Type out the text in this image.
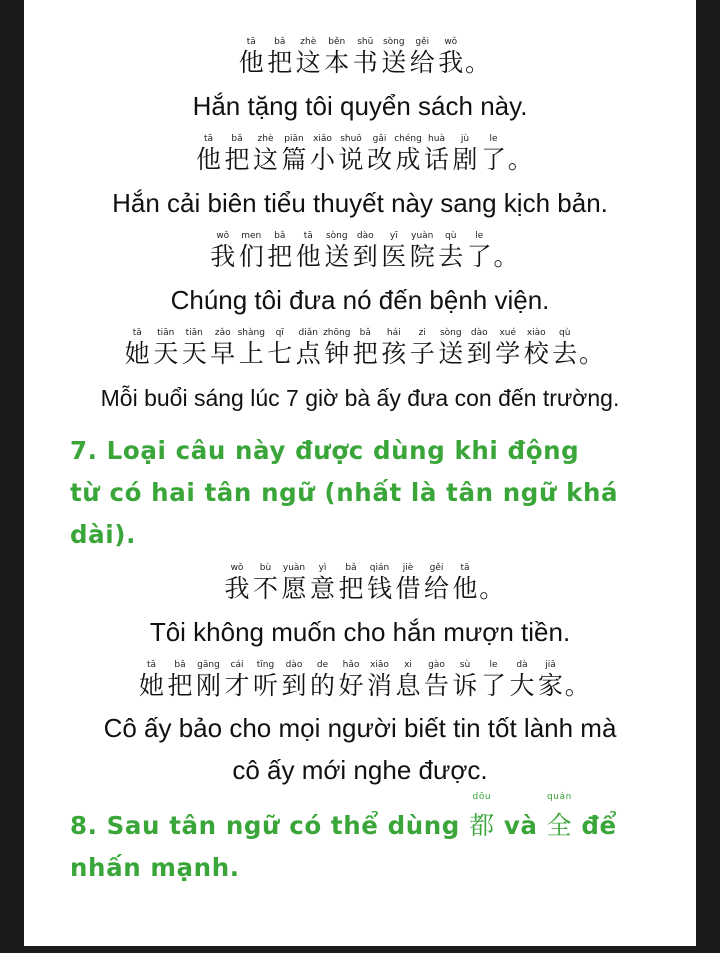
tā
他
bǎ
把
zhè
这
běn
本
shū
书
sòng
送
gěi
给
wǒ
我
。
Hắn tặng tôi quyển sách này.
tā
他
bǎ
把
zhè
这
piān
篇
xiǎo
小
shuō
说
gǎi
改
chéng
成
huà
话
jù
剧
le
了
。
Hắn cải biên tiểu thuyết này sang kịch bản.
wǒ
我
men
们
bǎ
把
tā
他
sòng
送
dào
到
yī
医
yuàn
院
qù
去
le
了
。
Chúng tôi đưa nó đến bệnh viện.
tā
她
tiān
天
tiān
天
zǎo
早
shàng
上
qī
七
diǎn
点
zhōng
钟
bǎ
把
hái
孩
zi
子
sòng
送
dào
到
xué
学
xiào
校
qù
去
。
Mỗi buổi sáng lúc 7 giờ bà ấy đưa con đến trường.
7. Loại câu này được dùng khi động
từ có hai tân ngữ (nhất là tân ngữ khá
dài).
wǒ
我
bù
不
yuàn
愿
yì
意
bǎ
把
qián
钱
jiè
借
gěi
给
tā
他
。
Tôi không muốn cho hắn mượn tiền.
tā
她
bǎ
把
gāng
刚
cái
才
tīng
听
dào
到
de
的
hǎo
好
xiāo
消
xi
息
gào
告
sù
诉
le
了
dà
大
jiā
家
。
Cô ấy bảo cho mọi người biết tin tốt lành mà
cô ấy mới nghe được.
8. Sau tân ngữ có thể dùng
dōu
都 và
quán
全 để
nhấn mạnh.
